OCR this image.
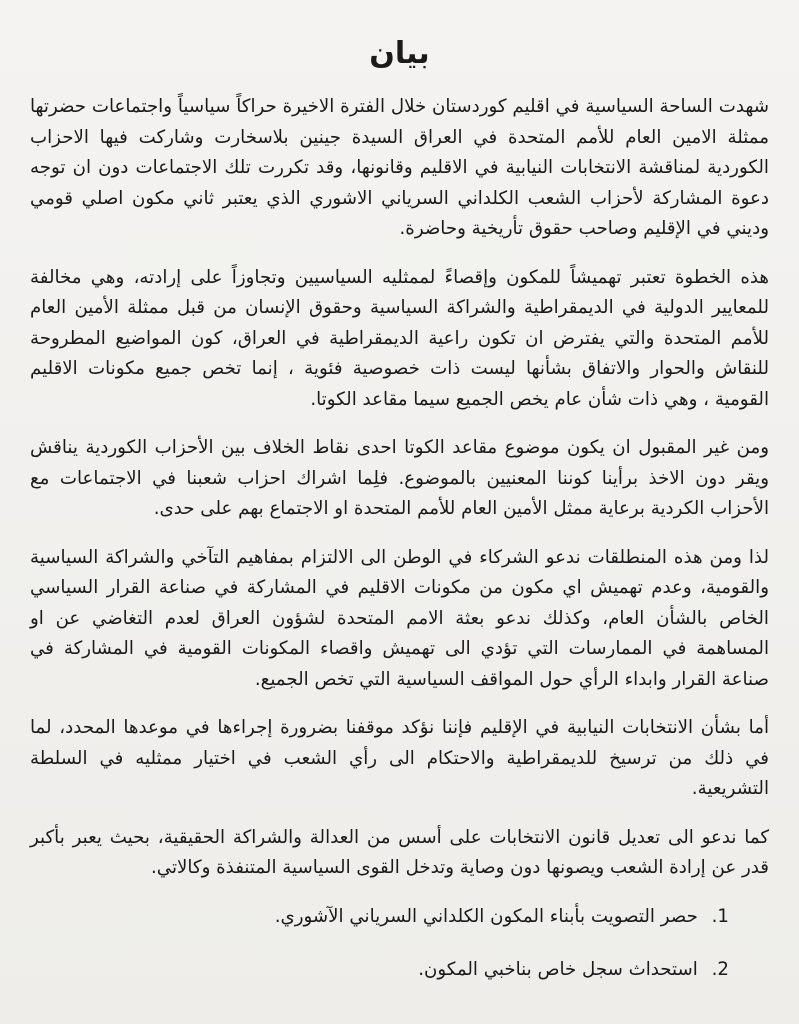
بيان

شهدت الساحة السياسية في اقليم كوردستان خلال الفترة الاخيرة حراكاً سياسياً واجتماعات حضرتها ممثلة الامين العام للأمم المتحدة في العراق السيدة جينين بلاسخارت وشاركت فيها الاحزاب الكوردية لمناقشة الانتخابات النيابية في الاقليم وقانونها، وقد تكررت تلك الاجتماعات دون ان توجه دعوة المشاركة لأحزاب الشعب الكلداني السرياني الاشوري الذي يعتبر ثاني مكون اصلي قومي وديني في الإقليم وصاحب حقوق تأريخية وحاضرة.

هذه الخطوة تعتبر تهميشاً للمكون وإقصاءً لممثليه السياسيين وتجاوزاً على إرادته، وهي مخالفة للمعايير الدولية في الديمقراطية والشراكة السياسية وحقوق الإنسان من قبل ممثلة الأمين العام للأمم المتحدة والتي يفترض ان تكون راعية الديمقراطية في العراق، كون المواضيع المطروحة للنقاش والحوار والاتفاق بشأنها ليست ذات خصوصية فئوية ، إنما تخص جميع مكونات الاقليم القومية ، وهي ذات شأن عام يخص الجميع سيما مقاعد الكوتا.

ومن غير المقبول ان يكون موضوع مقاعد الكوتا احدى نقاط الخلاف بين الأحزاب الكوردية يناقش ويقر دون الاخذ برأينا كوننا المعنيين بالموضوع. فلِما اشراك احزاب شعبنا في الاجتماعات مع الأحزاب الكردية برعاية ممثل الأمين العام للأمم المتحدة او الاجتماع بهم على حدى.

لذا ومن هذه المنطلقات ندعو الشركاء في الوطن الى الالتزام بمفاهيم التآخي والشراكة السياسية والقومية، وعدم تهميش اي مكون من مكونات الاقليم في المشاركة في صناعة القرار السياسي الخاص بالشأن العام، وكذلك ندعو بعثة الامم المتحدة لشؤون العراق لعدم التغاضي عن او المساهمة في الممارسات التي تؤدي الى تهميش واقصاء المكونات القومية في المشاركة في صناعة القرار وابداء الرأي حول المواقف السياسية التي تخص الجميع.

أما بشأن الانتخابات النيابية في الإقليم فإننا نؤكد موقفنا بضرورة إجراءها في موعدها المحدد، لما في ذلك من ترسيخ للديمقراطية والاحتكام الى رأي الشعب في اختيار ممثليه في السلطة التشريعية.

كما ندعو الى تعديل قانون الانتخابات على أسس من العدالة والشراكة الحقيقية، بحيث يعبر بأكبر قدر عن إرادة الشعب ويصونها دون وصاية وتدخل القوى السياسية المتنفذة وكالاتي.

1. حصر التصويت بأبناء المكون الكلداني السرياني الآشوري.
2. استحداث سجل خاص بناخبي المكون.
